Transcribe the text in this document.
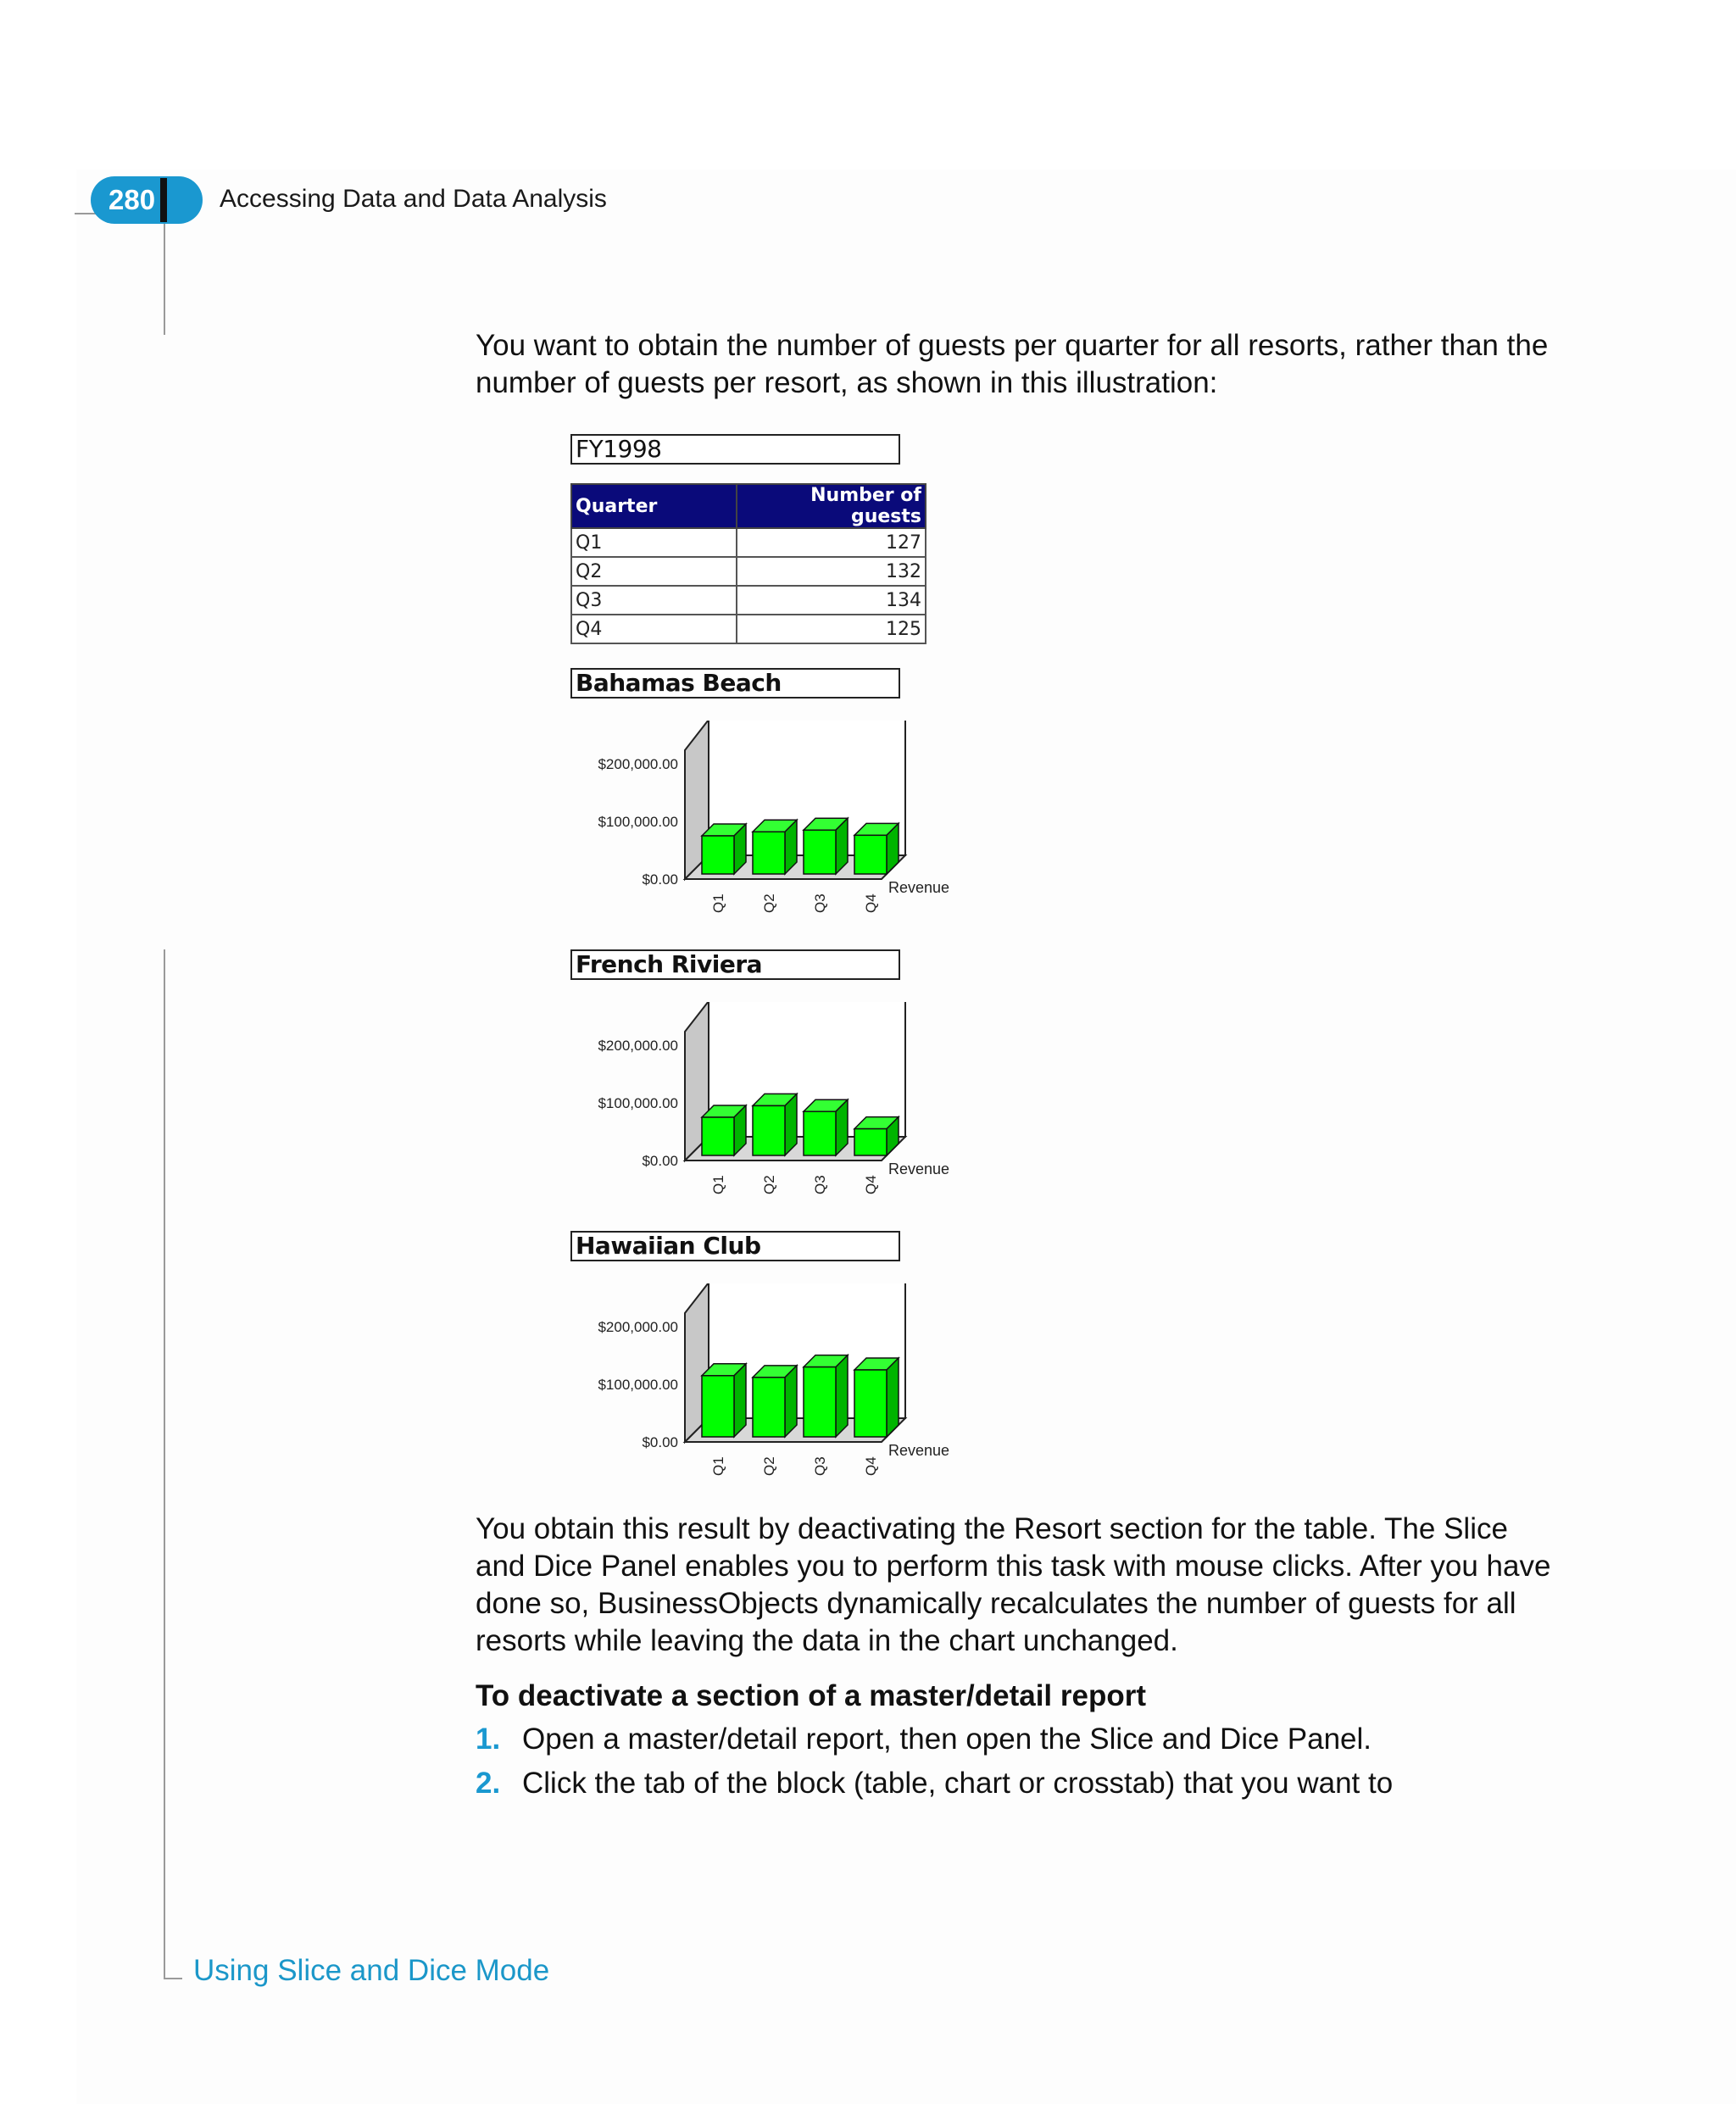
280	Accessing Data and Data Analysis
You want to obtain the number of guests per quarter for all resorts, rather than the number of guests per resort, as shown in this illustration:
FY1998
Quarter	Number of guests
Q1	127
Q2	132
Q3	134
Q4	125
Bahamas Beach
$200,000.00
$100,000.00
$0.00
Q1 Q2 Q3 Q4
Revenue
French Riviera
$200,000.00
$100,000.00
$0.00
Q1 Q2 Q3 Q4
Revenue
Hawaiian Club
$200,000.00
$100,000.00
$0.00
Q1 Q2 Q3 Q4
Revenue
You obtain this result by deactivating the Resort section for the table. The Slice and Dice Panel enables you to perform this task with mouse clicks. After you have done so, BusinessObjects dynamically recalculates the number of guests for all resorts while leaving the data in the chart unchanged.
To deactivate a section of a master/detail report
1. Open a master/detail report, then open the Slice and Dice Panel.
2. Click the tab of the block (table, chart or crosstab) that you want to
Using Slice and Dice Mode
